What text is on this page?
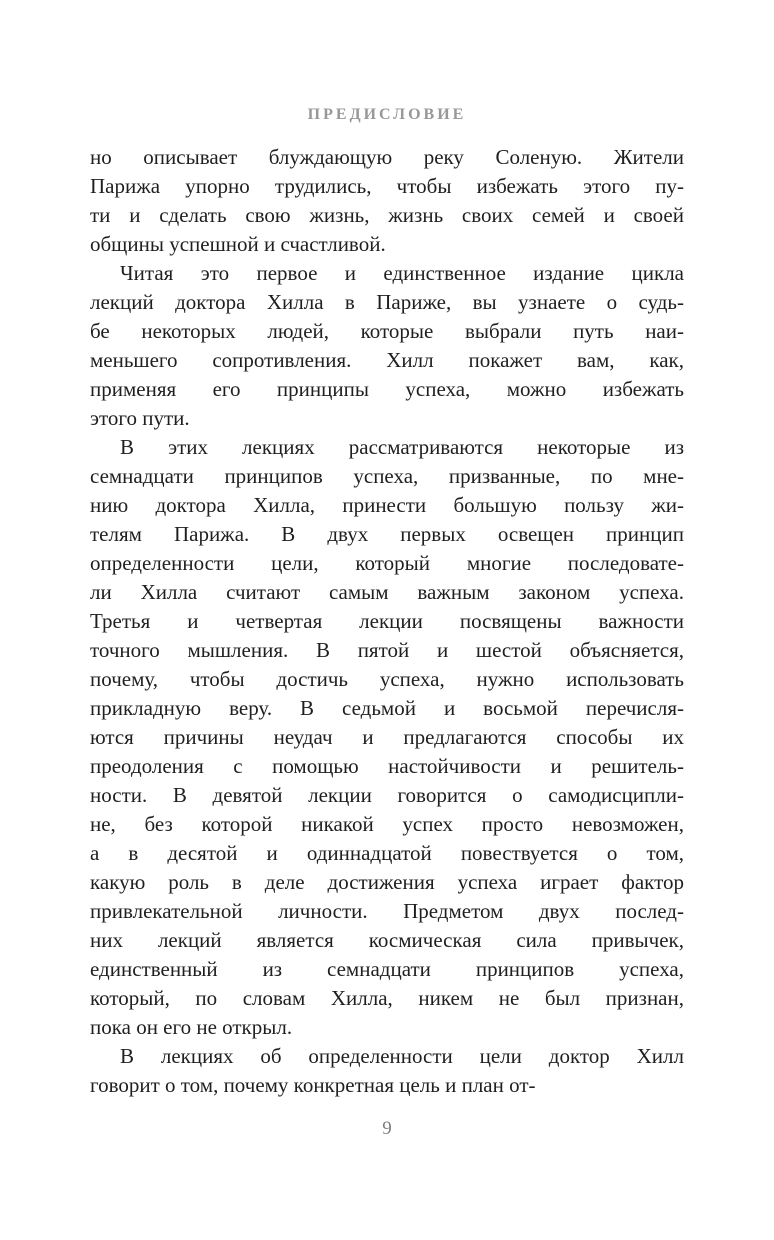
ПРЕДИСЛОВИЕ

но описывает блуждающую реку Соленую. Жители
Парижа упорно трудились, чтобы избежать этого пу-
ти и сделать свою жизнь, жизнь своих семей и своей
общины успешной и счастливой.

Читая это первое и единственное издание цикла
лекций доктора Хилла в Париже, вы узнаете о судь-
бе некоторых людей, которые выбрали путь наи-
меньшего сопротивления. Хилл покажет вам, как,
применяя его принципы успеха, можно избежать
этого пути.

В этих лекциях рассматриваются некоторые из
семнадцати принципов успеха, призванные, по мне-
нию доктора Хилла, принести большую пользу жи-
телям Парижа. В двух первых освещен принцип
определенности цели, который многие последовате-
ли Хилла считают самым важным законом успеха.
Третья и четвертая лекции посвящены важности
точного мышления. В пятой и шестой объясняется,
почему, чтобы достичь успеха, нужно использовать
прикладную веру. В седьмой и восьмой перечисля-
ются причины неудач и предлагаются способы их
преодоления с помощью настойчивости и решитель-
ности. В девятой лекции говорится о самодисципли-
не, без которой никакой успех просто невозможен,
а в десятой и одиннадцатой повествуется о том,
какую роль в деле достижения успеха играет фактор
привлекательной личности. Предметом двух послед-
них лекций является космическая сила привычек,
единственный из семнадцати принципов успеха,
который, по словам Хилла, никем не был признан,
пока он его не открыл.

В лекциях об определенности цели доктор Хилл
говорит о том, почему конкретная цель и план от-

9
